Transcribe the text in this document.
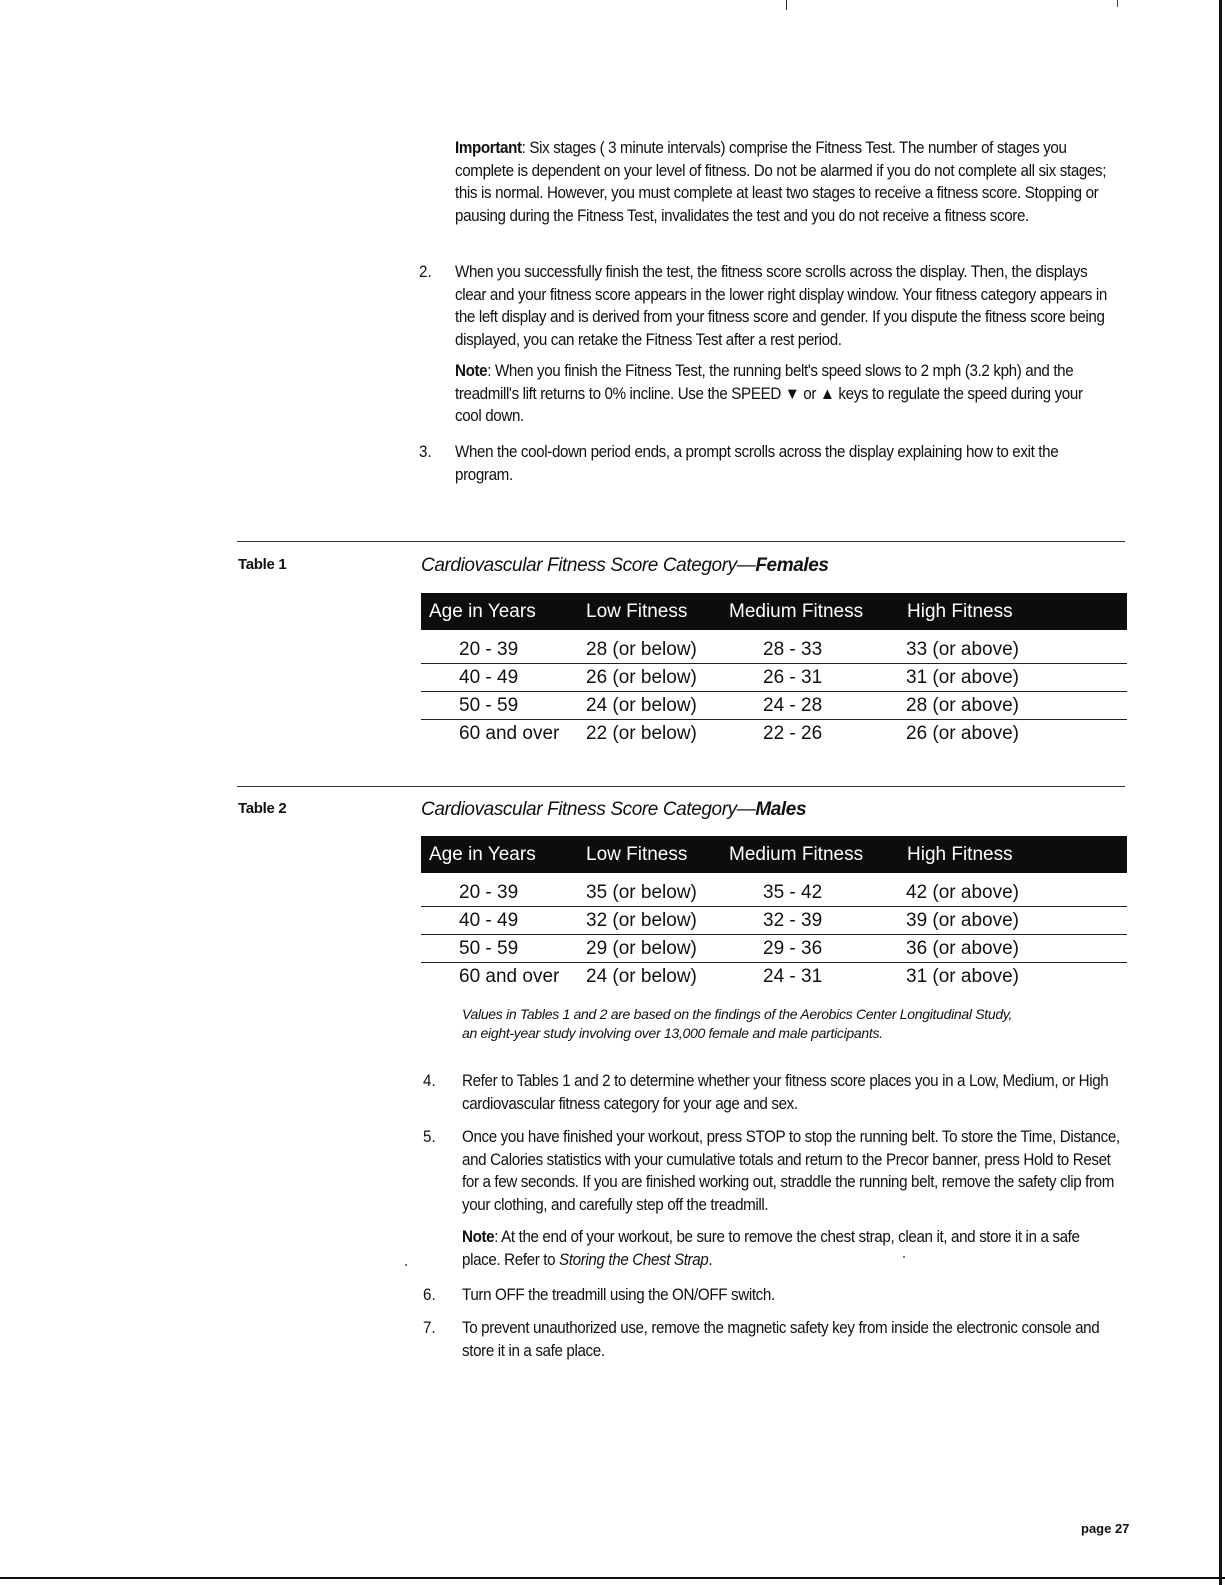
Important: Six stages ( 3 minute intervals) comprise the Fitness Test. The number of stages you complete is dependent on your level of fitness. Do not be alarmed if you do not complete all six stages; this is normal. However, you must complete at least two stages to receive a fitness score. Stopping or pausing during the Fitness Test, invalidates the test and you do not receive a fitness score.

2. When you successfully finish the test, the fitness score scrolls across the display. Then, the displays clear and your fitness score appears in the lower right display window. Your fitness category appears in the left display and is derived from your fitness score and gender. If you dispute the fitness score being displayed, you can retake the Fitness Test after a rest period.

Note: When you finish the Fitness Test, the running belt's speed slows to 2 mph (3.2 kph) and the treadmill's lift returns to 0% incline. Use the SPEED ▼ or ▲ keys to regulate the speed during your cool down.

3. When the cool-down period ends, a prompt scrolls across the display explaining how to exit the program.

Table 1	Cardiovascular Fitness Score Category—Females
Age in Years	Low Fitness Medium Fitness High Fitness
20 - 39	28 (or below)	28 - 33	33 (or above)
40 - 49	26 (or below)	26 - 31	31 (or above)
50 - 59	24 (or below)	24 - 28	28 (or above)
60 and over 22 (or below)	22 - 26	26 (or above)
Table 2	Cardiovascular Fitness Score Category—Males
Age in Years	Low Fitness Medium Fitness High Fitness
20 - 39	35 (or below)	35 - 42	42 (or above)
40 - 49	32 (or below)	32 - 39	39 (or above)
50 - 59	29 (or below)	29 - 36	36 (or above)
60 and over 24 (or below)	24 - 31	31 (or above)
Values in Tables 1 and 2 are based on the findings of the Aerobics Center Longitudinal Study,
an eight-year study involving over 13,000 female and male participants.
4. Refer to Tables 1 and 2 to determine whether your fitness score places you in a Low, Medium, or High cardiovascular fitness category for your age and sex.

5. Once you have finished your workout, press STOP to stop the running belt. To store the Time, Distance, and Calories statistics with your cumulative totals and return to the Precor banner, press Hold to Reset for a few seconds. If you are finished working out, straddle the running belt, remove the safety clip from your clothing, and carefully step off the treadmill.

Note: At the end of your workout, be sure to remove the chest strap, clean it, and store it in a safe place. Refer to Storing the Chest Strap.

6. Turn OFF the treadmill using the ON/OFF switch.

7. To prevent unauthorized use, remove the magnetic safety key from inside the electronic console and store it in a safe place.

page 27
